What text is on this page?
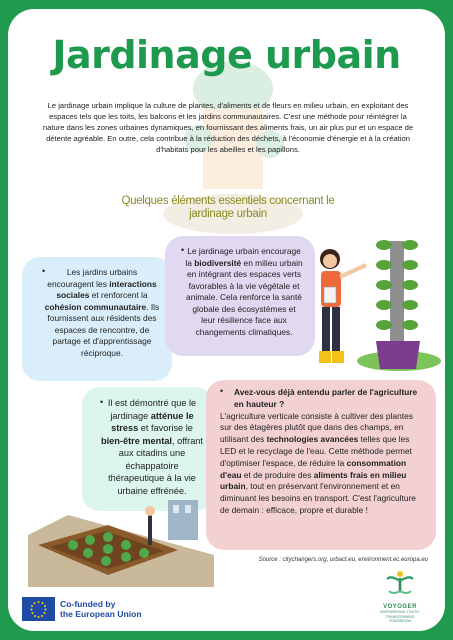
Jardinage urbain

Le jardinage urbain implique la culture de plantes, d'aliments et de fleurs en milieu urbain, en exploitant des espaces tels que les toits, les balcons et les jardins communautaires. C'est une méthode pour réintégrer la nature dans les zones urbaines dynamiques, en fournissant des aliments frais, un air plus pur et un espace de détente agréable. En outre, cela contribue à la réduction des déchets, à l'économie d'énergie et à la création d'habitats pour les abeilles et les papillons.

Quelques éléments essentiels concernant le jardinage urbain

•	Les jardins urbains encouragent les interactions sociales et renforcent la cohésion communautaire. Ils fournissent aux résidents des espaces de rencontre, de partage et d'apprentissage réciproque.
• Le jardinage urbain encourage la biodiversité en milieu urbain en intégrant des espaces verts favorables à la vie végétale et animale. Cela renforce la santé globale des écosystèmes et leur résilience face aux changements climatiques.
• Il est démontré que le jardinage atténue le stress et favorise le bien-être mental, offrant aux citadins une échappatoire thérapeutique à la vie urbaine effrénée.
•	Avez-vous déjà entendu parler de l'agriculture en hauteur ?
L'agriculture verticale consiste à cultiver des plantes sur des étagères plutôt que dans des champs, en utilisant des technologies avancées telles que les LED et le recyclage de l'eau. Cette méthode permet d'optimiser l'espace, de réduire la consommation d'eau et de produire des aliments frais en milieu urbain, tout en préservant l'environnement et en diminuant les besoins en transport. C'est l'agriculture de demain : efficace, propre et durable !

Source : citychangers.org, urbact.eu, environment.ec.europa.eu

Co-funded by
the European Union
VOYOGER
EMPOWERING YOUTH,
TRANSFORMING
TOMORROW
